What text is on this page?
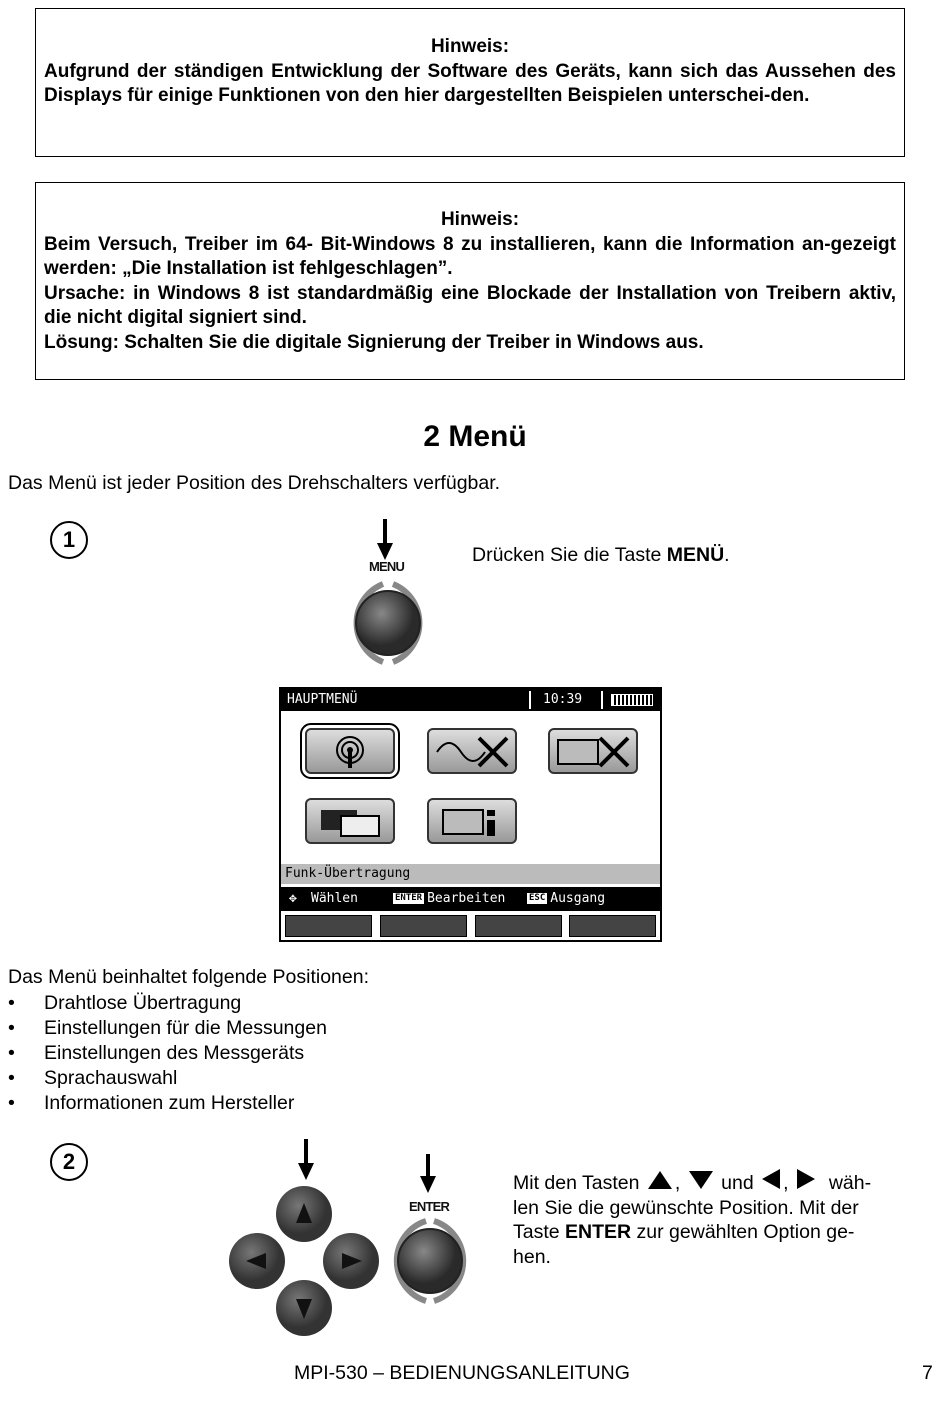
Hinweis:

Aufgrund der ständigen Entwicklung der Software des Geräts, kann sich das Aussehen des Displays für einige Funktionen von den hier dargestellten Beispielen unterschei-den.

Hinweis:

Beim Versuch, Treiber im 64- Bit-Windows 8 zu installieren, kann die Information an-gezeigt werden: „Die Installation ist fehlgeschlagen”.

Ursache: in Windows 8 ist standardmäßig eine Blockade der Installation von Treibern aktiv, die nicht digital signiert sind.

Lösung: Schalten Sie die digitale Signierung der Treiber in Windows aus.

2 Menü
Das Menü ist jeder Position des Drehschalters verfügbar.
1
MENU
Drücken Sie die Taste MENÜ.
HAUPTMENÜ	10:39
Funk-Übertragung
✥ Wählen	ENTER Bearbeiten	ESC Ausgang
Das Menü beinhaltet folgende Positionen:
• Drahtlose Übertragung
• Einstellungen für die Messungen
• Einstellungen des Messgeräts
• Sprachauswahl
• Informationen zum Hersteller
2
ENTER
Mit den Tasten , und , wäh-
len Sie die gewünschte Position. Mit der
Taste ENTER zur gewählten Option ge-
hen.
MPI-530 – BEDIENUNGSANLEITUNG	7
